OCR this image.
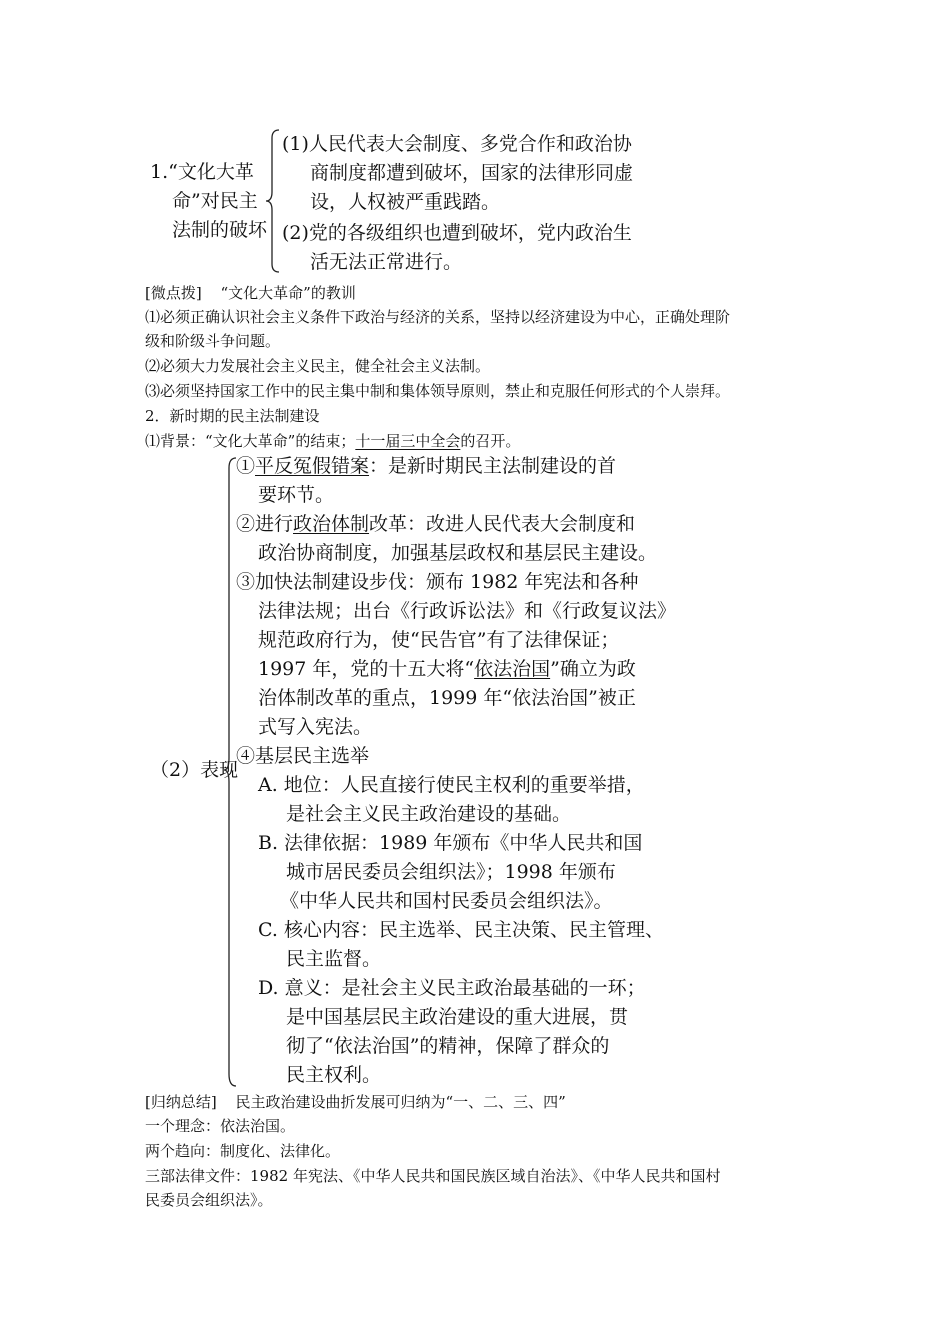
1.“文化大革
命”对民主
法制的破坏
(1)人民代表大会制度、多党合作和政治协
商制度都遭到破坏，国家的法律形同虚
设，人权被严重践踏。
(2)党的各级组织也遭到破坏，党内政治生
活无法正常进行。
[微点拨] “文化大革命”的教训
⑴必须正确认识社会主义条件下政治与经济的关系，坚持以经济建设为中心，正确处理阶
级和阶级斗争问题。
⑵必须大力发展社会主义民主，健全社会主义法制。
⑶必须坚持国家工作中的民主集中制和集体领导原则，禁止和克服任何形式的个人崇拜。
2．新时期的民主法制建设
⑴背景：“文化大革命”的结束；十一届三中全会的召开。
（2）表现
①平反冤假错案：是新时期民主法制建设的首
要环节。
②进行政治体制改革：改进人民代表大会制度和
政治协商制度，加强基层政权和基层民主建设。
③加快法制建设步伐：颁布 1982 年宪法和各种
法律法规；出台《行政诉讼法》和《行政复议法》
规范政府行为，使“民告官”有了法律保证；
1997 年，党的十五大将“依法治国”确立为政
治体制改革的重点，1999 年“依法治国”被正
式写入宪法。
④基层民主选举
A. 地位：人民直接行使民主权利的重要举措，
是社会主义民主政治建设的基础。
B. 法律依据：1989 年颁布《中华人民共和国
城市居民委员会组织法》；1998 年颁布
《中华人民共和国村民委员会组织法》。
C. 核心内容：民主选举、民主决策、民主管理、
民主监督。
D. 意义：是社会主义民主政治最基础的一环；
是中国基层民主政治建设的重大进展，贯
彻了“依法治国”的精神，保障了群众的
民主权利。
[归纳总结] 民主政治建设曲折发展可归纳为“一、二、三、四”
一个理念：依法治国。
两个趋向：制度化、法律化。
三部法律文件：1982 年宪法、《中华人民共和国民族区域自治法》、《中华人民共和国村
民委员会组织法》。
